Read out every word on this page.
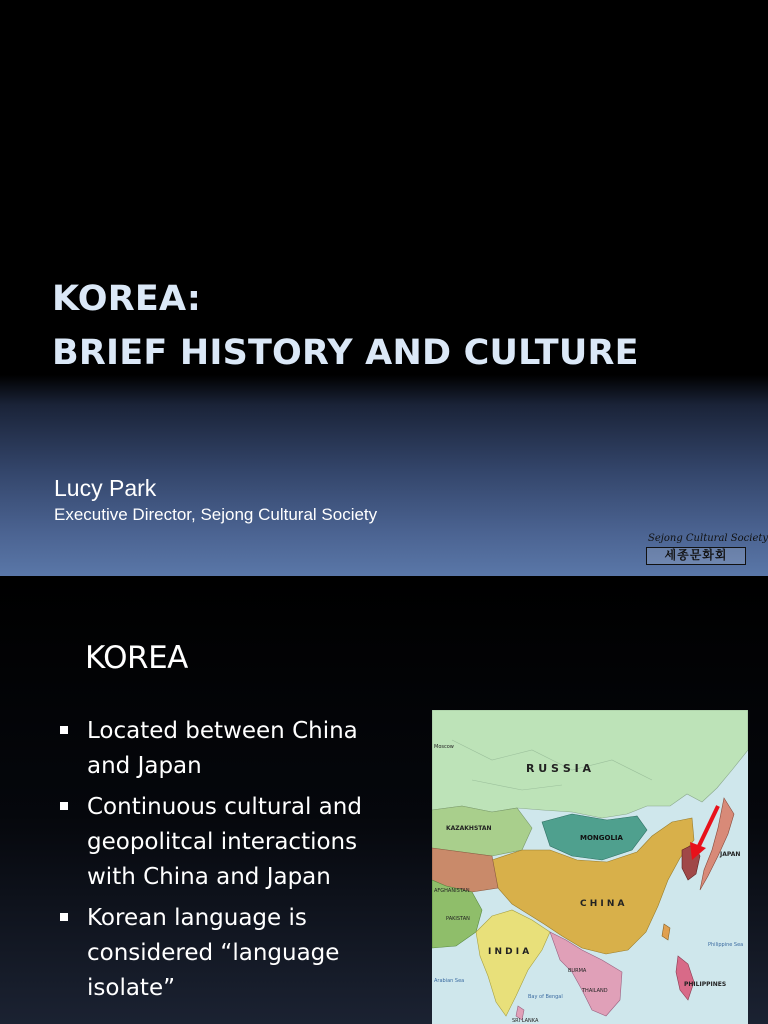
KOREA:
BRIEF HISTORY AND CULTURE
Lucy Park
Executive Director, Sejong Cultural Society
Sejong Cultural Society
세종문화회
KOREA
Located between China and Japan
Continuous cultural and geopolitcal interactions with China and Japan
Korean language is considered “language isolate”
R U S S I A
KAZAKHSTAN
MONGOLIA
C H I N A
I N D I A
JAPAN
AFGHANISTAN
PAKISTAN
BURMA
THAILAND
PHILIPPINES
SRI LANKA
Arabian Sea
Bay of Bengal
Philippine Sea
Moscow
